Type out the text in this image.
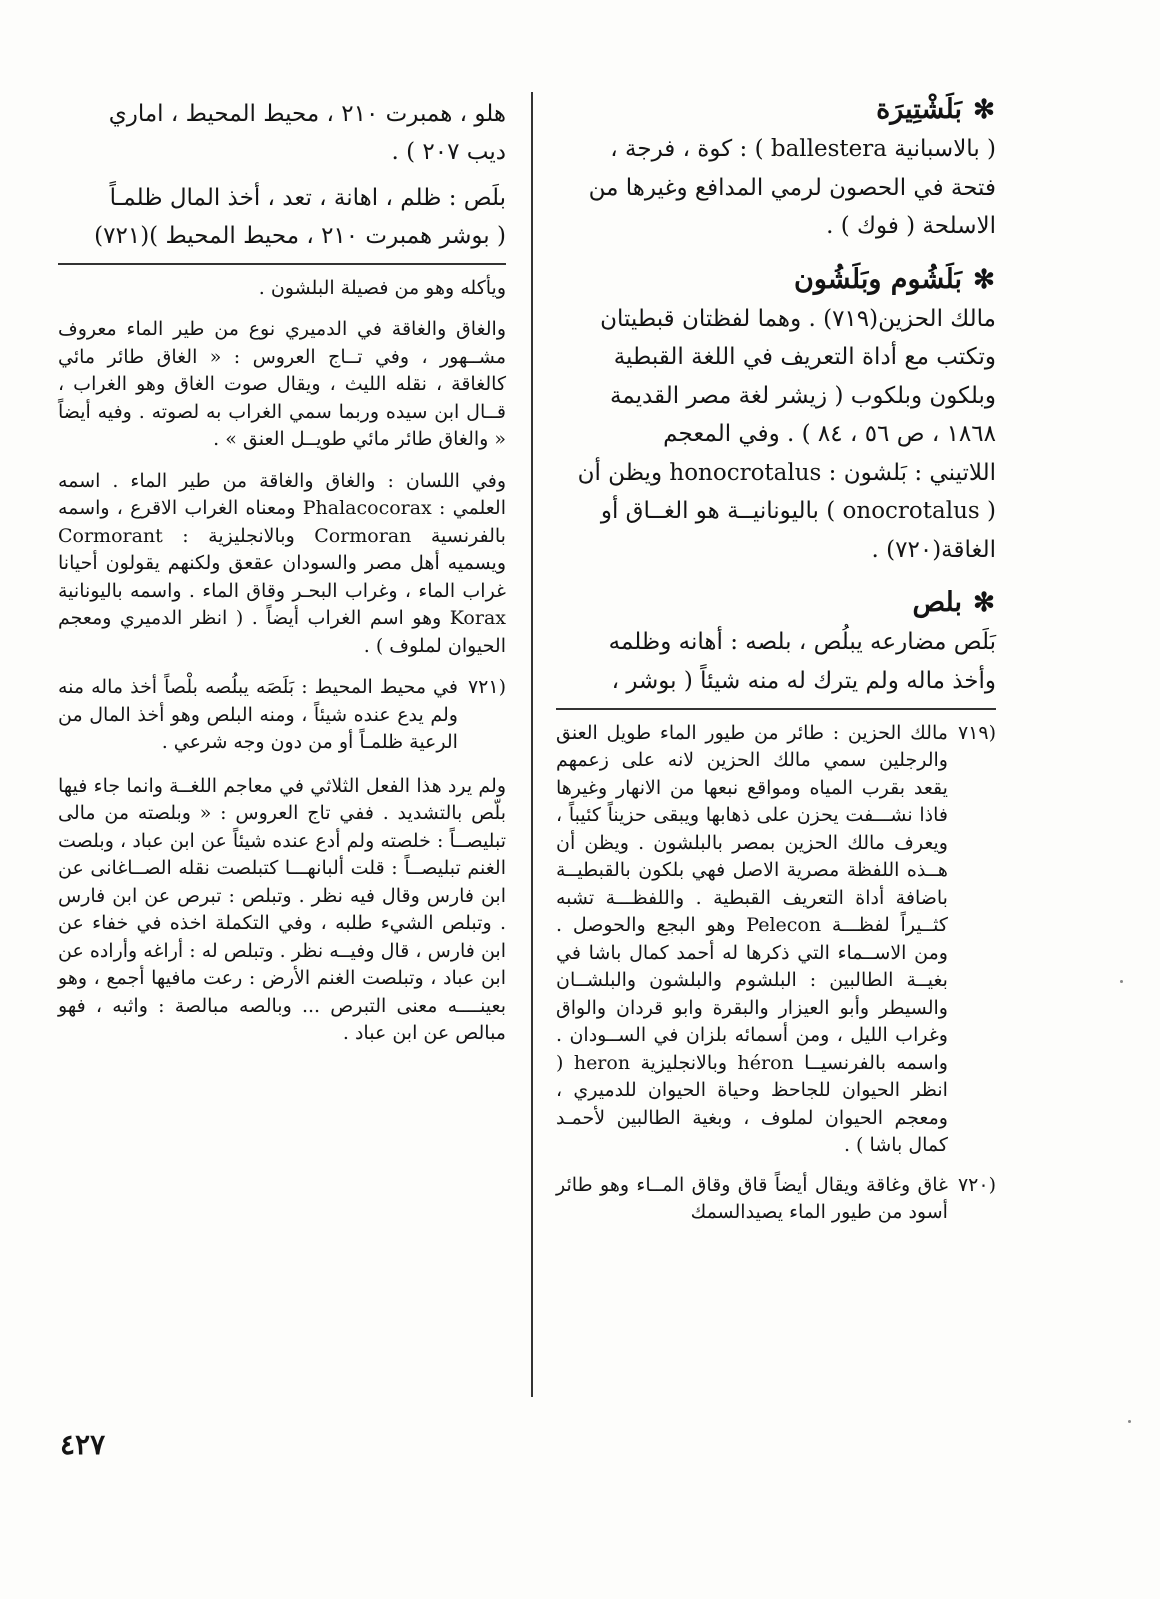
✻
بَلَشْتِيرَة
( بالاسبانية ballestera ) : كوة ، فرجة ،
فتحة في الحصون لرمي المدافع وغيرها من
الاسلحة ( فوك ) .
✻
بَلَشُوم وبَلَشُون
مالك الحزين(٧١٩) . وهما لفظتان قبطيتان
وتكتب مع أداة التعريف في اللغة القبطية
وبلكون وبلكوب ( زيشر لغة مصر القديمة
١٨٦٨ ، ص ٥٦ ، ٨٤ ) . وفي المعجم
اللاتيني : بَلشون : honocrotalus ويظن أن
( onocrotalus ) باليونانيــة هو الغــاق أو
الغاقة(٧٢٠) .
✻
بلص
بَلَص مضارعه يبلُص ، بلصه : أهانه وظلمه
وأخذ ماله ولم يترك له منه شيئاً ( بوشر ،
(٧١٩
مالك الحزين : طائر من طيور الماء طويل العنق والرجلين سمي مالك الحزين لانه على زعمهم يقعد بقرب المياه ومواقع نبعها من الانهار وغيرها فاذا نشـــفت يحزن على ذهابها ويبقى حزيناً كئيباً ، ويعرف مالك الحزين بمصر بالبلشون . ويظن أن هــذه اللفظة مصرية الاصل فهي بلكون بالقبطيــة باضافة أداة التعريف القبطية . واللفظـــة تشبه كثــيراً لفظـــة Pelecon وهو البجع والحوصل . ومن الاســماء التي ذكرها له أحمد كمال باشا في بغيــة الطالبين : البلشوم والبلشون والبلشــان والسيطر وأبو العيزار والبقرة وابو قردان والواق وغراب الليل ، ومن أسمائه بلزان في الســودان . واسمه بالفرنسيــا héron وبالانجليزية heron ( انظر الحيوان للجاحظ وحياة الحيوان للدميري ، ومعجم الحيوان لملوف ، وبغية الطالبين لأحمـد كمال باشا ) .
(٧٢٠
غاق وغاقة ويقال أيضاً قاق وقاق المــاء وهو طائر أسود من طيور الماء يصيدالسمك
هلو ، همبرت ٢١٠ ، محيط المحيط ، اماري
ديب ٢٠٧ ) .
بلَص : ظلم ، اهانة ، تعد ، أخذ المال ظلمـاً
( بوشر همبرت ٢١٠ ، محيط المحيط )(٧٢١)
ويأكله وهو من فصيلة البلشون .
والغاق والغاقة في الدميري نوع من طير الماء معروف مشــهور ، وفي تــاج العروس : « الغاق طائر مائي كالغاقة ، نقله الليث ، ويقال صوت الغاق وهو الغراب ، قــال ابن سيده وربما سمي الغراب به لصوته . وفيه أيضاً « والغاق طائر مائي طويــل العنق » .
وفي اللسان : والغاق والغاقة من طير الماء . اسمه العلمي : Phalacocorax ومعناه الغراب الاقرع ، واسمه بالفرنسية Cormoran وبالانجليزية : Cormorant ويسميه أهل مصر والسودان عقعق ولكنهم يقولون أحيانا غراب الماء ، وغراب البحـر وقاق الماء . واسمه باليونانية Korax وهو اسم الغراب أيضاً . ( انظر الدميري ومعجم الحيوان لملوف ) .
(٧٢١
في محيط المحيط : بَلَصَه يبلُصه بلْصاً أخذ ماله منه ولم يدع عنده شيئاً ، ومنه البلص وهو أخذ المال من الرعية ظلمـاً أو من دون وجه شرعي .
ولم يرد هذا الفعل الثلاثي في معاجم اللغــة وانما جاء فيها بلّص بالتشديد . ففي تاج العروس : « وبلصته من مالى تبليصــاً : خلصته ولم أدع عنده شيئاً عن ابن عباد ، وبلصت الغنم تبليصــاً : قلت ألبانهـــا كتبلصت نقله الصــاغانى عن ابن فارس وقال فيه نظر . وتبلص : تبرص عن ابن فارس . وتبلص الشيء طلبه ، وفي التكملة اخذه في خفاء عن ابن فارس ، قال وفيــه نظر . وتبلص له : أراغه وأراده عن ابن عباد ، وتبلصت الغنم الأرض : رعت مافيها أجمع ، وهو بعينــــه معنى التبرص ... وبالصه مبالصة : واثبه ، فهو مبالص عن ابن عباد .
٤٢٧
